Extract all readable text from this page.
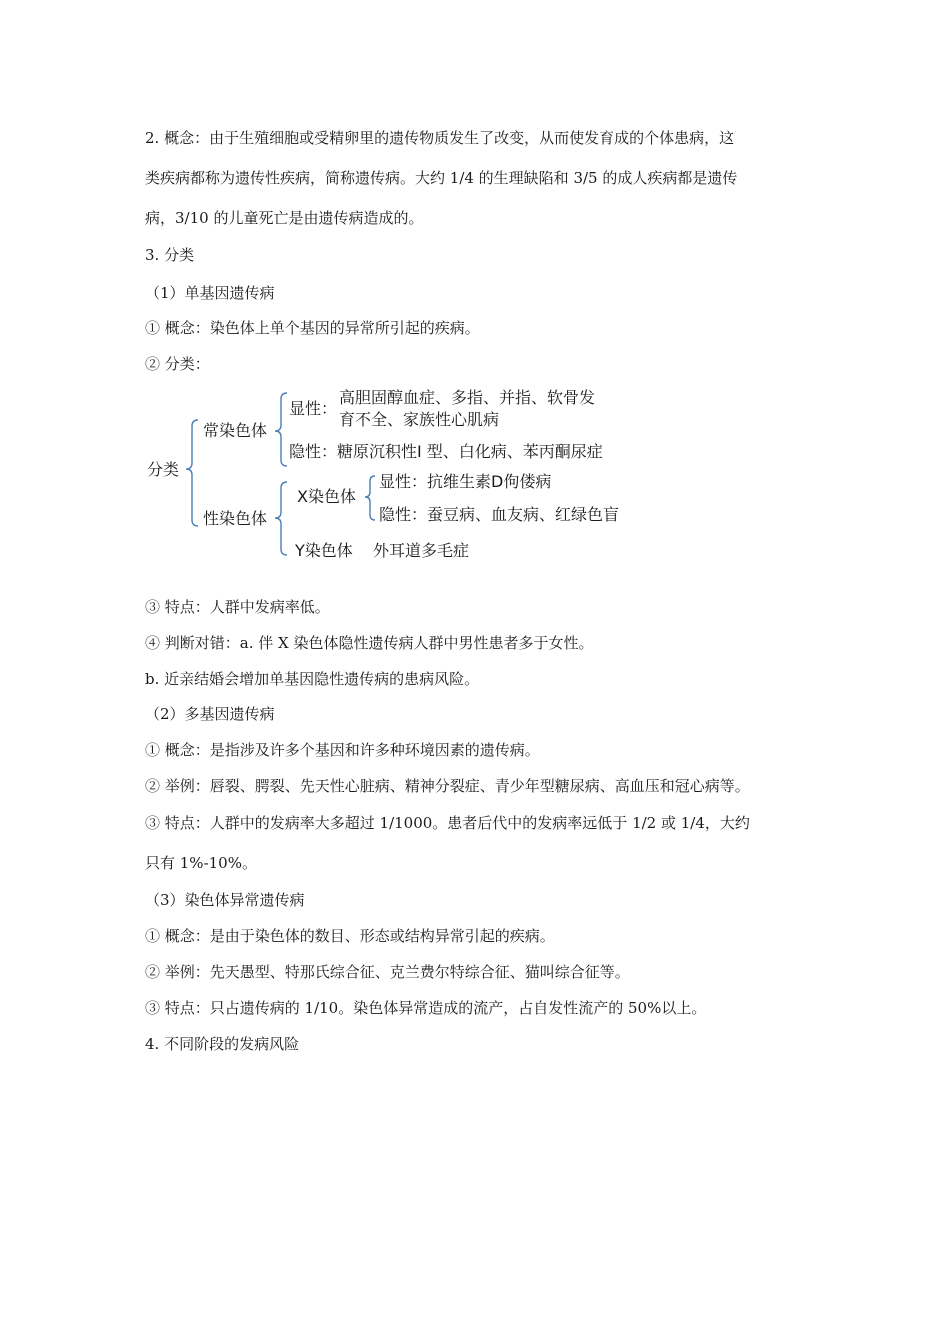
2. 概念：由于生殖细胞或受精卵里的遗传物质发生了改变，从而使发育成的个体患病，这
类疾病都称为遗传性疾病，简称遗传病。大约 1/4 的生理缺陷和 3/5 的成人疾病都是遗传
病，3/10 的儿童死亡是由遗传病造成的。
3. 分类
（1）单基因遗传病
① 概念：染色体上单个基因的异常所引起的疾病。
② 分类：
分类
常染色体
显性：
高胆固醇血症、多指、并指、软骨发
育不全、家族性心肌病
隐性：糖原沉积性Ⅰ 型、白化病、苯丙酮尿症
性染色体
X染色体
显性：抗维生素D佝偻病
隐性：蚕豆病、血友病、红绿色盲
Y染色体 外耳道多毛症
③ 特点：人群中发病率低。
④ 判断对错：a. 伴 X 染色体隐性遗传病人群中男性患者多于女性。
b. 近亲结婚会增加单基因隐性遗传病的患病风险。
（2）多基因遗传病
① 概念：是指涉及许多个基因和许多种环境因素的遗传病。
② 举例：唇裂、腭裂、先天性心脏病、精神分裂症、青少年型糖尿病、高血压和冠心病等。
③ 特点：人群中的发病率大多超过 1/1000。患者后代中的发病率远低于 1/2 或 1/4，大约
只有 1%-10%。
（3）染色体异常遗传病
① 概念：是由于染色体的数目、形态或结构异常引起的疾病。
② 举例：先天愚型、特那氏综合征、克兰费尔特综合征、猫叫综合征等。
③ 特点：只占遗传病的 1/10。染色体异常造成的流产，占自发性流产的 50%以上。
4. 不同阶段的发病风险
